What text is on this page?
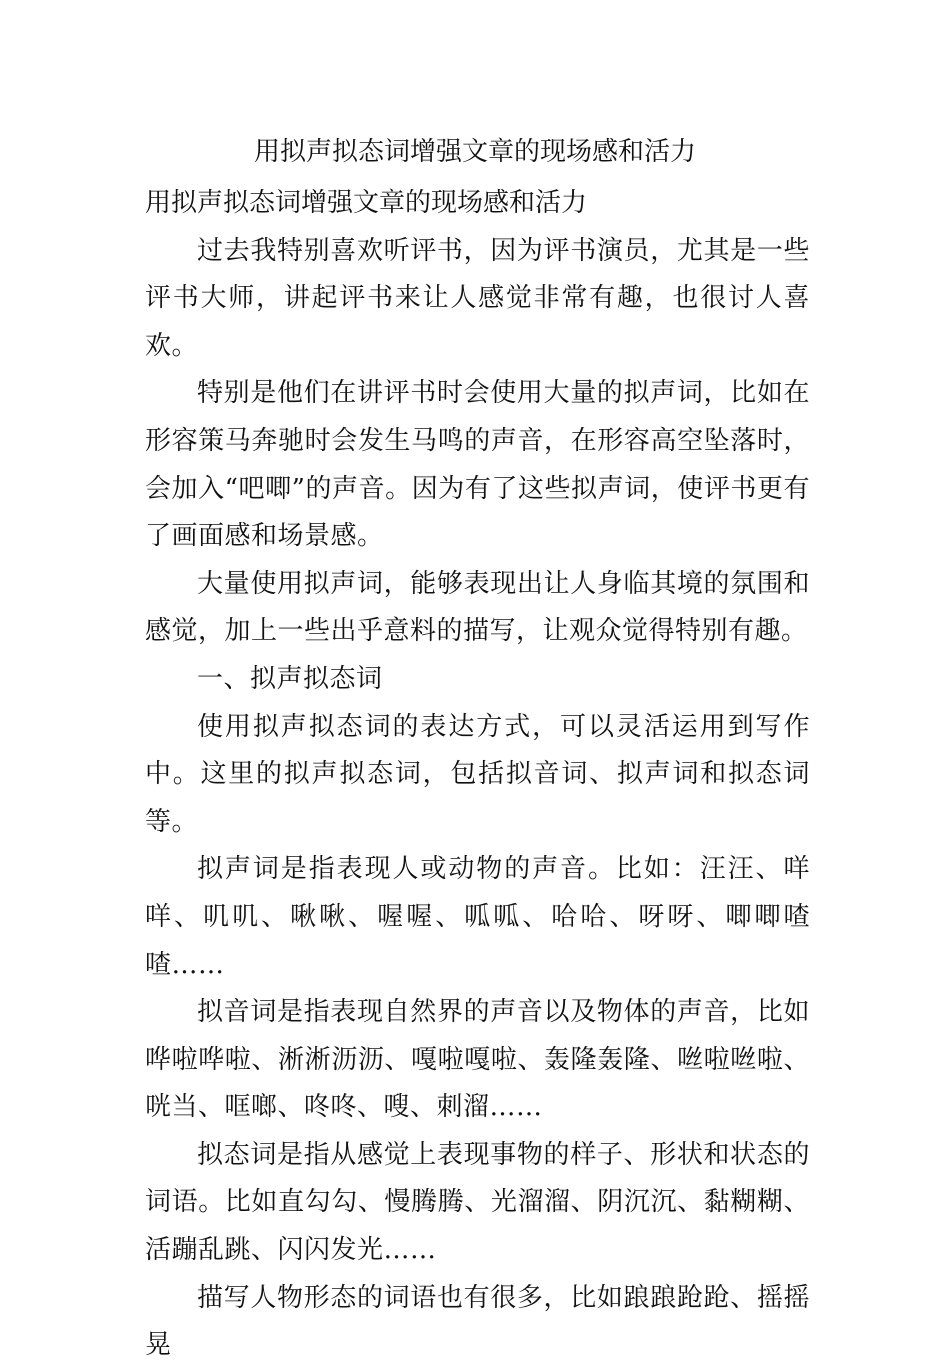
用拟声拟态词增强文章的现场感和活力

用拟声拟态词增强文章的现场感和活力

过去我特别喜欢听评书，因为评书演员，尤其是一些评书大师，讲起评书来让人感觉非常有趣，也很讨人喜欢。

特别是他们在讲评书时会使用大量的拟声词，比如在形容策马奔驰时会发生马鸣的声音，在形容高空坠落时，会加入“吧唧”的声音。因为有了这些拟声词，使评书更有了画面感和场景感。

大量使用拟声词，能够表现出让人身临其境的氛围和感觉，加上一些出乎意料的描写，让观众觉得特别有趣。

一、拟声拟态词

使用拟声拟态词的表达方式，可以灵活运用到写作中。这里的拟声拟态词，包括拟音词、拟声词和拟态词等。

拟声词是指表现人或动物的声音。比如：汪汪、咩咩、叽叽、啾啾、喔喔、呱呱、哈哈、呀呀、唧唧喳喳……

拟音词是指表现自然界的声音以及物体的声音，比如哗啦哗啦、淅淅沥沥、嘎啦嘎啦、轰隆轰隆、咝啦咝啦、咣当、哐啷、咚咚、嗖、刺溜……

拟态词是指从感觉上表现事物的样子、形状和状态的词语。比如直勾勾、慢腾腾、光溜溜、阴沉沉、黏糊糊、活蹦乱跳、闪闪发光……

描写人物形态的词语也有很多，比如踉踉跄跄、摇摇晃
